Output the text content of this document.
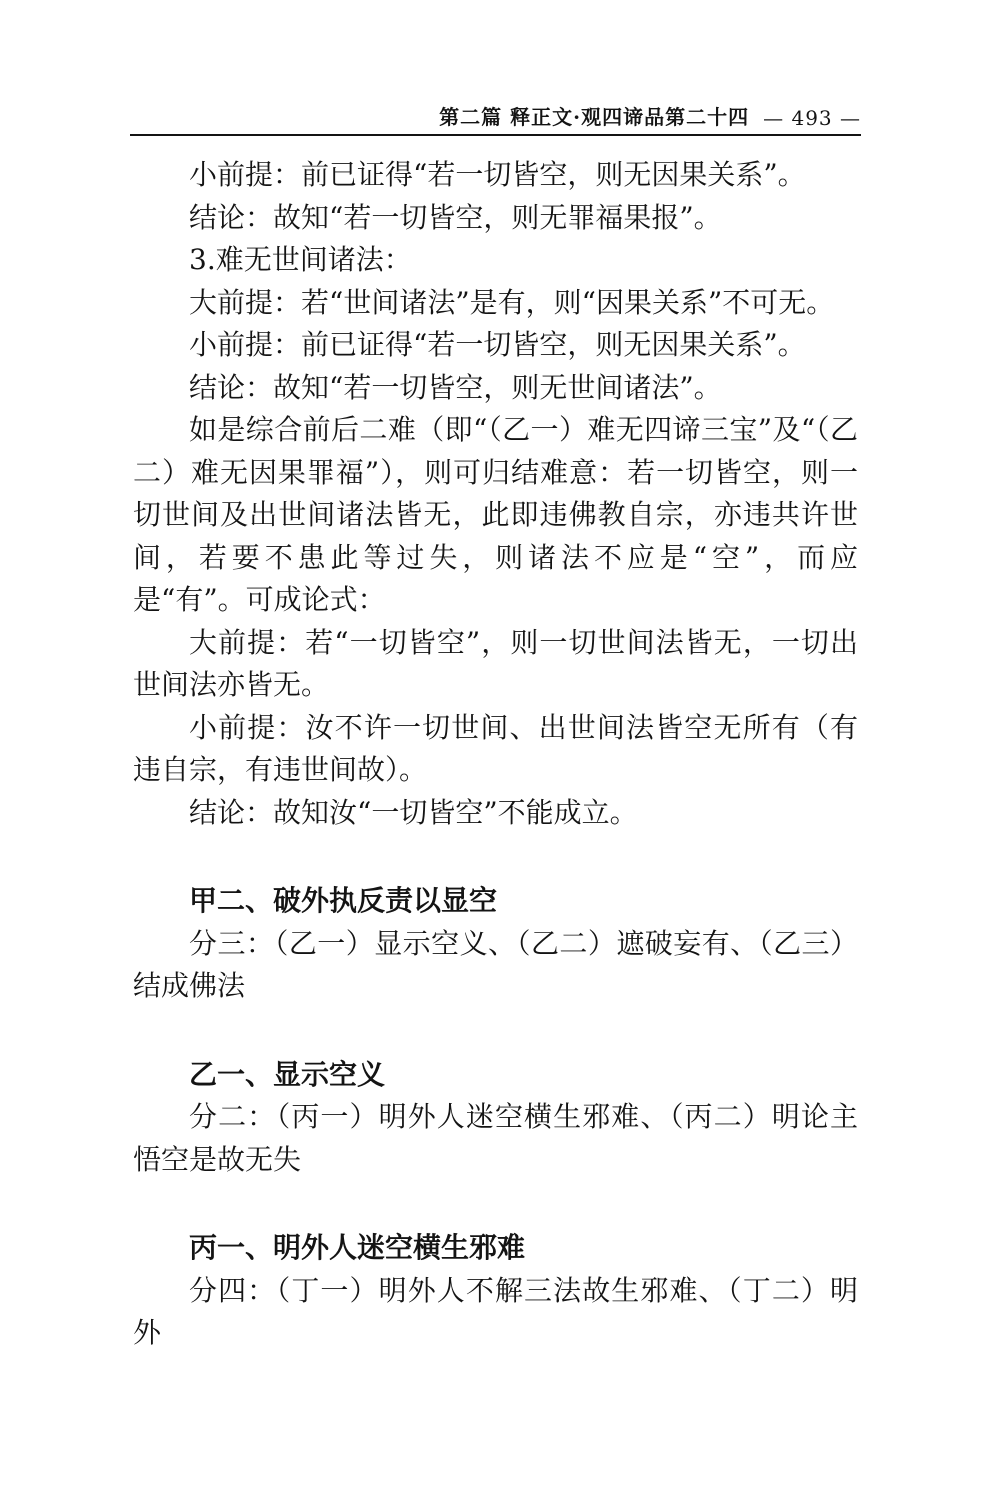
第二篇 释正文·观四谛品第二十四 — 493 —

小前提：前已证得“若一切皆空，则无因果关系”。

结论：故知“若一切皆空，则无罪福果报”。

3.难无世间诸法：

大前提：若“世间诸法”是有，则“因果关系”不可无。

小前提：前已证得“若一切皆空，则无因果关系”。

结论：故知“若一切皆空，则无世间诸法”。

如是综合前后二难（即“（乙一）难无四谛三宝”及“（乙二）难无因果罪福”），则可归结难意：若一切皆空，则一切世间及出世间诸法皆无，此即违佛教自宗，亦违共许世间，若要不患此等过失，则诸法不应是“空”，而应是“有”。可成论式：

大前提：若“一切皆空”，则一切世间法皆无，一切出世间法亦皆无。

小前提：汝不许一切世间、出世间法皆空无所有（有违自宗，有违世间故）。

结论：故知汝“一切皆空”不能成立。

甲二、破外执反责以显空

分三：（乙一）显示空义、（乙二）遮破妄有、（乙三）结成佛法

乙一、显示空义

分二：（丙一）明外人迷空横生邪难、（丙二）明论主悟空是故无失

丙一、明外人迷空横生邪难

分四：（丁一）明外人不解三法故生邪难、（丁二）明外
